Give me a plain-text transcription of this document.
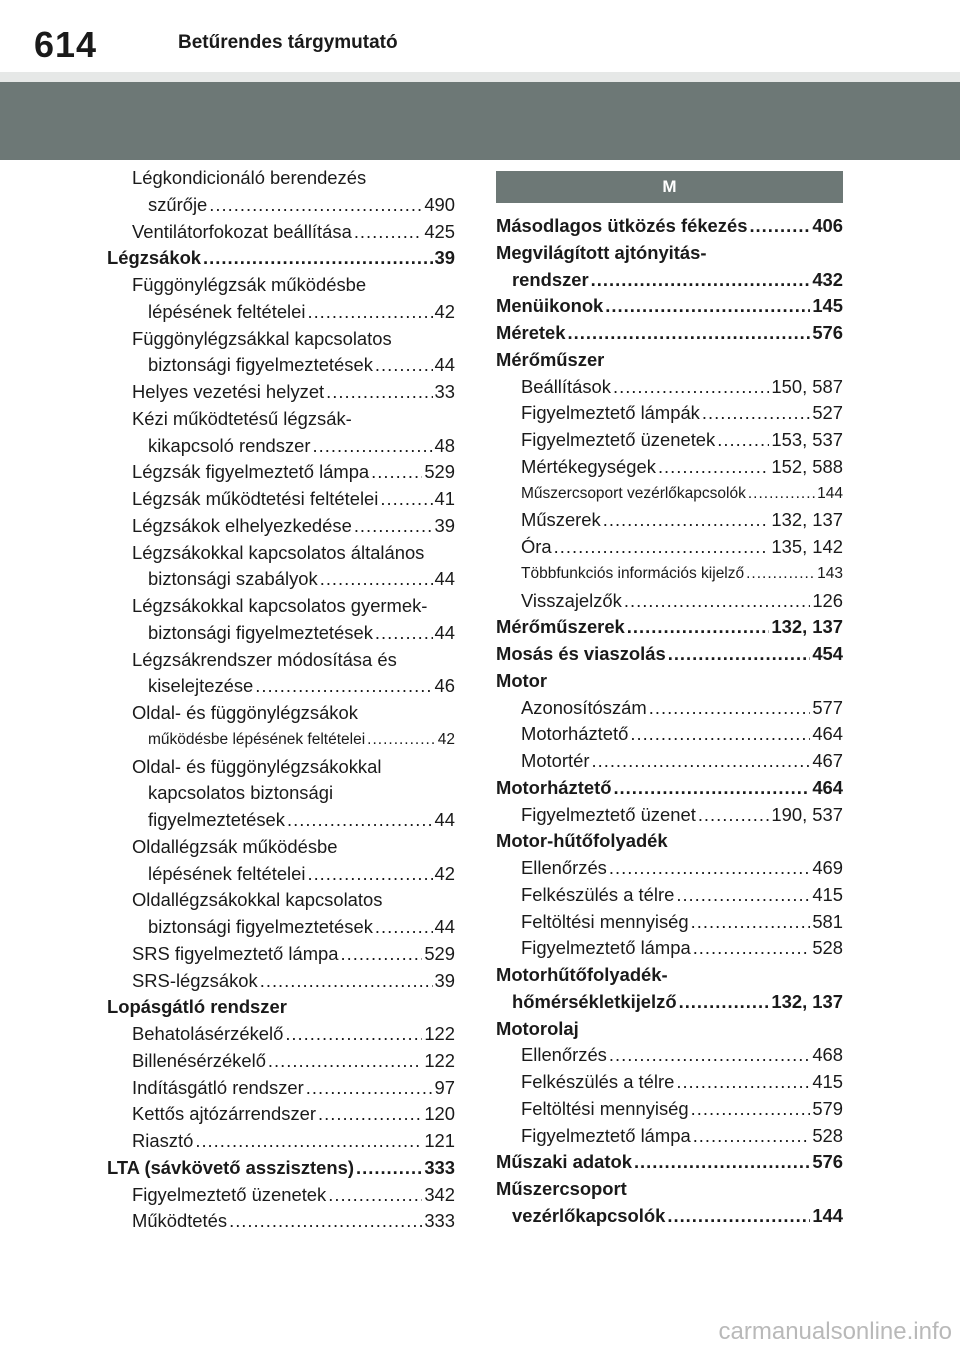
614	Betűrendes tárgymutató
Légkondicionáló berendezés
szűrője .....	490
Ventilátorfokozat beállítása .....	425
Légzsákok .....	39
Függönylégzsák működésbe
lépésének feltételei .....	42
Függönylégzsákkal kapcsolatos
biztonsági figyelmeztetések .....	44
Helyes vezetési helyzet .....	33
Kézi működtetésű légzsák-
kikapcsoló rendszer .....	48
Légzsák figyelmeztető lámpa .....	529
Légzsák működtetési feltételei .....	41
Légzsákok elhelyezkedése .....	39
Légzsákokkal kapcsolatos általános
biztonsági szabályok .....	44
Légzsákokkal kapcsolatos gyermek-
biztonsági figyelmeztetések .....	44
Légzsákrendszer módosítása és
kiselejtezése .....	46
Oldal- és függönylégzsákok
működésbe lépésének feltételei .....	42
Oldal- és függönylégzsákokkal
kapcsolatos biztonsági
figyelmeztetések .....	44
Oldallégzsák működésbe
lépésének feltételei .....	42
Oldallégzsákokkal kapcsolatos
biztonsági figyelmeztetések .....	44
SRS figyelmeztető lámpa .....	529
SRS-légzsákok .....	39
Lopásgátló rendszer
Behatolásérzékelő .....	122
Billenésérzékelő .....	122
Indításgátló rendszer .....	97
Kettős ajtózárrendszer .....	120
Riasztó .....	121
LTA (sávkövető asszisztens) .....	333
Figyelmeztető üzenetek .....	342
Működtetés .....	333
M
Másodlagos ütközés fékezés .....	406
Megvilágított ajtónyitás-
rendszer .....	432
Menüikonok .....	145
Méretek .....	576
Mérőműszer
Beállítások .....	150, 587
Figyelmeztető lámpák .....	527
Figyelmeztető üzenetek .....	153, 537
Mértékegységek .....	152, 588
Műszercsoport vezérlőkapcsolók .....	144
Műszerek .....	132, 137
Óra .....	135, 142
Többfunkciós információs kijelző .....	143
Visszajelzők .....	126
Mérőműszerek .....	132, 137
Mosás és viaszolás .....	454
Motor
Azonosítószám .....	577
Motorháztető .....	464
Motortér .....	467
Motorháztető .....	464
Figyelmeztető üzenet .....	190, 537
Motor-hűtőfolyadék
Ellenőrzés .....	469
Felkészülés a télre .....	415
Feltöltési mennyiség .....	581
Figyelmeztető lámpa .....	528
Motorhűtőfolyadék-
hőmérsékletkijelző .....	132, 137
Motorolaj
Ellenőrzés .....	468
Felkészülés a télre .....	415
Feltöltési mennyiség .....	579
Figyelmeztető lámpa .....	528
Műszaki adatok .....	576
Műszercsoport
vezérlőkapcsolók .....	144
carmanualsonline.info
